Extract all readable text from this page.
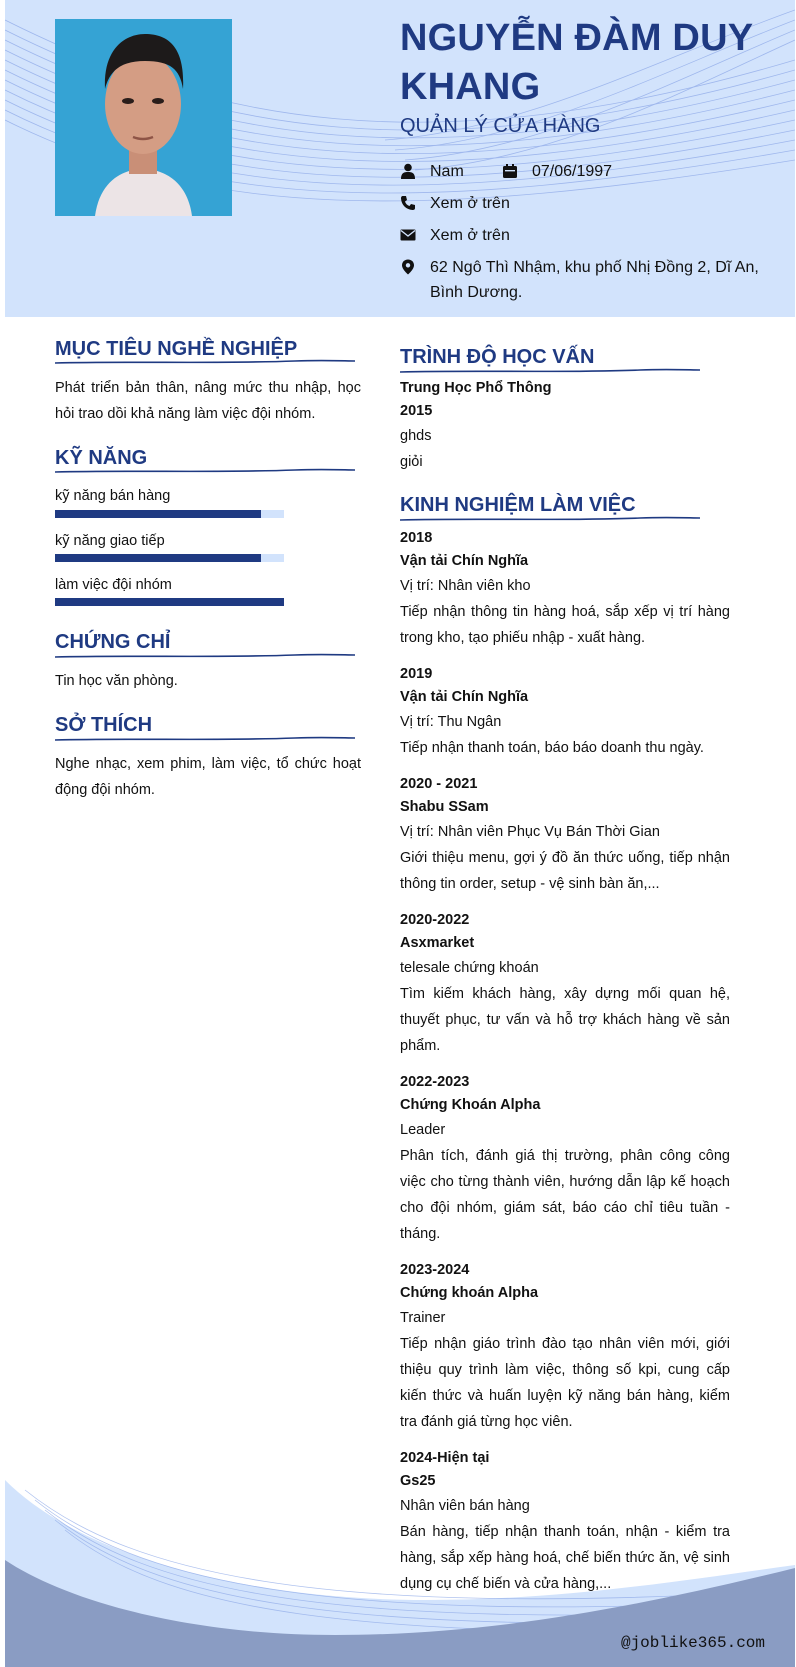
NGUYỄN ĐÀM DUY KHANG
QUẢN LÝ CỬA HÀNG
Nam	07/06/1997
Xem ở trên
Xem ở trên
62 Ngô Thì Nhậm, khu phố Nhị Đồng 2, Dĩ An, Bình Dương.
MỤC TIÊU NGHỀ NGHIỆP
Phát triển bản thân, nâng mức thu nhập, học hỏi trao dồi khả năng làm việc đội nhóm.
KỸ NĂNG
kỹ năng bán hàng
kỹ năng giao tiếp
làm việc đội nhóm
CHỨNG CHỈ
Tin học văn phòng.
SỞ THÍCH
Nghe nhạc, xem phim, làm việc, tổ chức hoạt động đội nhóm.
TRÌNH ĐỘ HỌC VẤN
Trung Học Phổ Thông
2015
ghds
giỏi
KINH NGHIỆM LÀM VIỆC
2018
Vận tải Chín Nghĩa
Vị trí: Nhân viên kho
Tiếp nhận thông tin hàng hoá, sắp xếp vị trí hàng trong kho, tạo phiếu nhập - xuất hàng.
2019
Vận tải Chín Nghĩa
Vị trí: Thu Ngân
Tiếp nhận thanh toán, báo báo doanh thu ngày.
2020 - 2021
Shabu SSam
Vị trí: Nhân viên Phục Vụ Bán Thời Gian
Giới thiệu menu, gợi ý đồ ăn thức uống, tiếp nhận thông tin order, setup - vệ sinh bàn ăn,...
2020-2022
Asxmarket
telesale chứng khoán
Tìm kiếm khách hàng, xây dựng mối quan hệ, thuyết phục, tư vấn và hỗ trợ khách hàng về sản phẩm.
2022-2023
Chứng Khoán Alpha
Leader
Phân tích, đánh giá thị trường, phân công công việc cho từng thành viên, hướng dẫn lập kế hoạch cho đội nhóm, giám sát, báo cáo chỉ tiêu tuần - tháng.
2023-2024
Chứng khoán Alpha
Trainer
Tiếp nhận giáo trình đào tạo nhân viên mới, giới thiệu quy trình làm việc, thông số kpi, cung cấp kiến thức và huấn luyện kỹ năng bán hàng, kiểm tra đánh giá từng học viên.
2024-Hiện tại
Gs25
Nhân viên bán hàng
Bán hàng, tiếp nhận thanh toán, nhận - kiểm tra hàng, sắp xếp hàng hoá, chế biến thức ăn, vệ sinh dụng cụ chế biến và cửa hàng,...
@joblike365.com
